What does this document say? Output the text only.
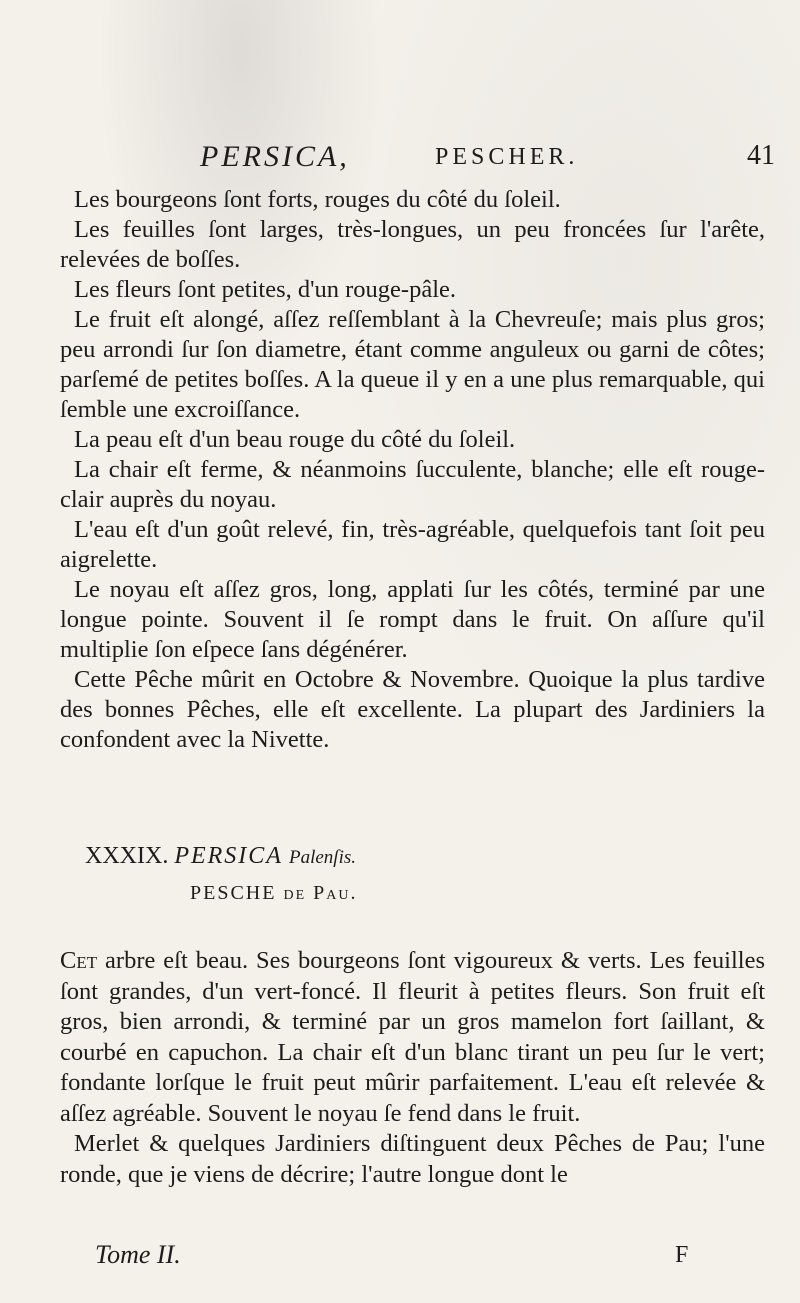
PERSICA,	PESCHER.	41

Les bourgeons ſont forts, rouges du côté du ſoleil.

Les feuilles ſont larges, très-longues, un peu froncées ſur l'arête, relevées de boſſes.

Les fleurs ſont petites, d'un rouge-pâle.

Le fruit eſt alongé, aſſez reſſemblant à la Chevreuſe; mais plus gros; peu arrondi ſur ſon diametre, étant comme anguleux ou garni de côtes; parſemé de petites boſſes. A la queue il y en a une plus remarquable, qui ſemble une excroiſſance.

La peau eſt d'un beau rouge du côté du ſoleil.

La chair eſt ferme, & néanmoins ſucculente, blanche; elle eſt rouge-clair auprès du noyau.

L'eau eſt d'un goût relevé, fin, très-agréable, quelquefois tant ſoit peu aigrelette.

Le noyau eſt aſſez gros, long, applati ſur les côtés, terminé par une longue pointe. Souvent il ſe rompt dans le fruit. On aſſure qu'il multiplie ſon eſpece ſans dégénérer.

Cette Pêche mûrit en Octobre & Novembre. Quoique la plus tardive des bonnes Pêches, elle eſt excellente. La plupart des Jardiniers la confondent avec la Nivette.

XXXIX. PERSICA Palenſis.
PESCHE de Pau.

Cet arbre eſt beau. Ses bourgeons ſont vigoureux & verts. Les feuilles ſont grandes, d'un vert-foncé. Il fleurit à petites fleurs. Son fruit eſt gros, bien arrondi, & terminé par un gros mamelon fort ſaillant, & courbé en capuchon. La chair eſt d'un blanc tirant un peu ſur le vert; fondante lorſque le fruit peut mûrir parfaitement. L'eau eſt relevée & aſſez agréable. Souvent le noyau ſe fend dans le fruit.

Merlet & quelques Jardiniers diſtinguent deux Pêches de Pau; l'une ronde, que je viens de décrire; l'autre longue dont le

Tome II.	F
